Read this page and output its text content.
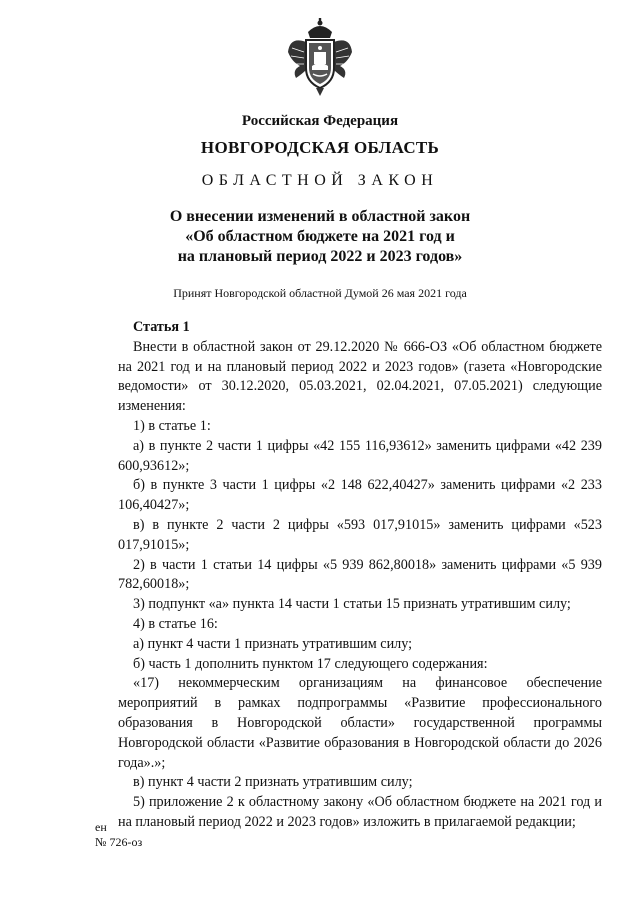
Российская Федерация
НОВГОРОДСКАЯ ОБЛАСТЬ
ОБЛАСТНОЙ ЗАКОН
О внесении изменений в областной закон
«Об областном бюджете на 2021 год и
на плановый период 2022 и 2023 годов»
Принят Новгородской областной Думой 26 мая 2021 года

Статья 1

Внести в областной закон от 29.12.2020 № 666-ОЗ «Об областном бюджете на 2021 год и на плановый период 2022 и 2023 годов» (газета «Новгородские ведомости» от 30.12.2020, 05.03.2021, 02.04.2021, 07.05.2021) следующие изменения:

1) в статье 1:

а) в пункте 2 части 1 цифры «42 155 116,93612» заменить цифрами «42 239 600,93612»;

б) в пункте 3 части 1 цифры «2 148 622,40427» заменить цифрами «2 233 106,40427»;

в) в пункте 2 части 2 цифры «593 017,91015» заменить цифрами «523 017,91015»;

2) в части 1 статьи 14 цифры «5 939 862,80018» заменить цифрами «5 939 782,60018»;

3) подпункт «а» пункта 14 части 1 статьи 15 признать утратившим силу;

4) в статье 16:

а) пункт 4 части 1 признать утратившим силу;

б) часть 1 дополнить пунктом 17 следующего содержания:

«17) некоммерческим организациям на финансовое обеспечение мероприятий в рамках подпрограммы «Развитие профессионального образования в Новгородской области» государственной программы Новгородской области «Развитие образования в Новгородской области до 2026 года».»;

в) пункт 4 части 2 признать утратившим силу;

5) приложение 2 к областному закону «Об областном бюджете на 2021 год и на плановый период 2022 и 2023 годов» изложить в прилагаемой редакции;

ен
№ 726-оз
